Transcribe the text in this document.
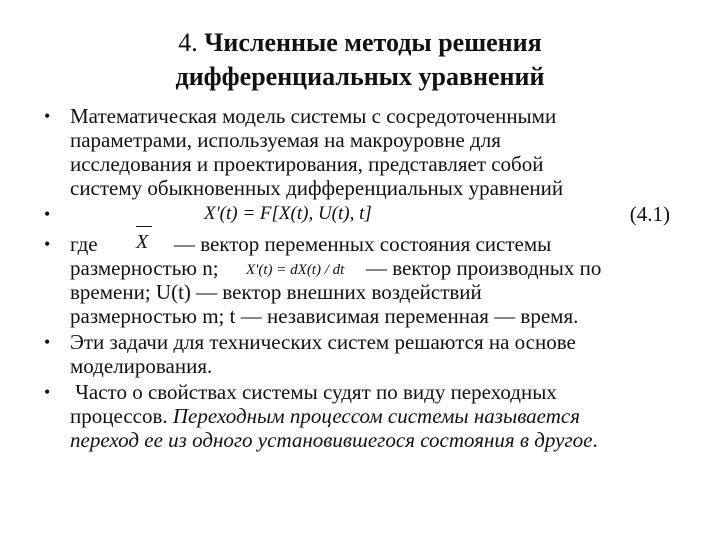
4. Численные методы решения
дифференциальных уравнений
• Математическая модель системы с сосредоточенными
параметрами, используемая на макроуровне для
исследования и проектирования, представляет собой
систему обыкновенных дифференциальных уравнений
•	X'(t) = F[X(t), U(t), t]	(4.1)
• где X — вектор переменных состояния системы
размерностью n; X'(t) = dX(t) / dt — вектор производных по
времени; U(t) — вектор внешних воздействий
размерностью m; t — независимая переменная — время.
• Эти задачи для технических систем решаются на основе
моделирования.
• Часто о свойствах системы судят по виду переходных
процессов. Переходным процессом системы называется
переход ее из одного установившегося состояния в другое.
